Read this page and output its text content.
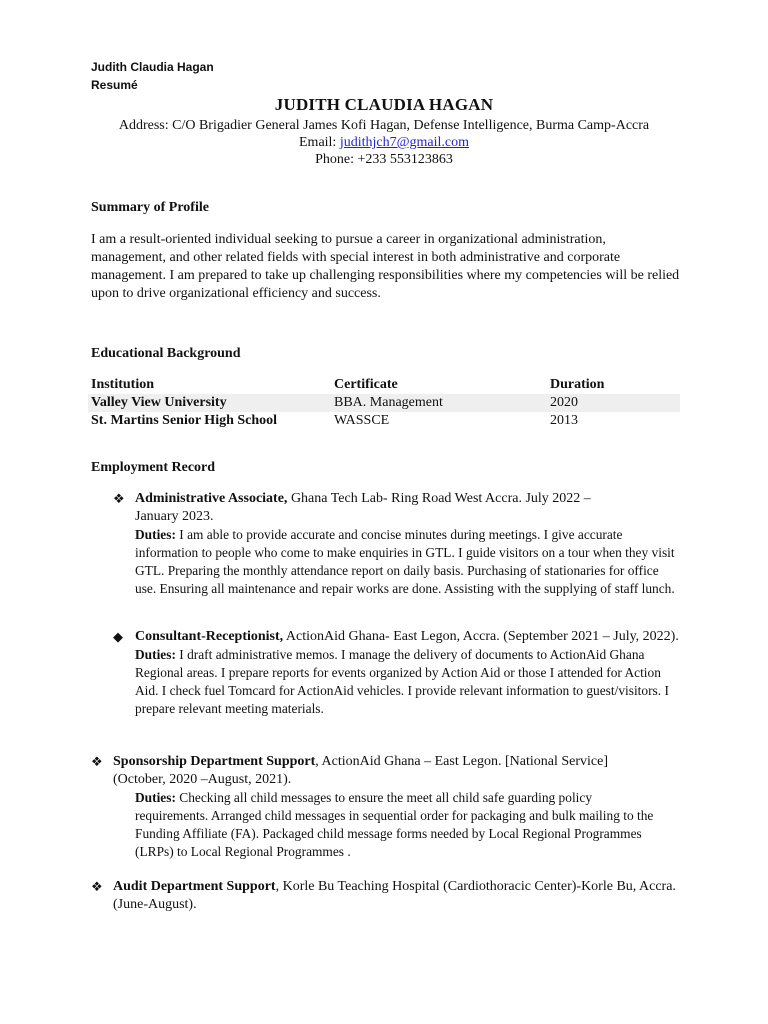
Judith Claudia Hagan
Resumé
JUDITH CLAUDIA HAGAN
Address: C/O Brigadier General James Kofi Hagan, Defense Intelligence, Burma Camp-Accra
Email: judithjch7@gmail.com
Phone: +233 553123863
Summary of Profile
I am a result-oriented individual seeking to pursue a career in organizational administration, management, and other related fields with special interest in both administrative and corporate management. I am prepared to take up challenging responsibilities where my competencies will be relied upon to drive organizational efficiency and success.
Educational Background
Institution	Certificate	Duration
Valley View University	BBA. Management	2020
St. Martins Senior High School	WASSCE	2013
Employment Record
❖ Administrative Associate, Ghana Tech Lab- Ring Road West Accra. July 2022 – January 2023.
Duties: I am able to provide accurate and concise minutes during meetings. I give accurate information to people who come to make enquiries in GTL. I guide visitors on a tour when they visit GTL. Preparing the monthly attendance report on daily basis. Purchasing of stationaries for office use. Ensuring all maintenance and repair works are done. Assisting with the supplying of staff lunch.
◆ Consultant-Receptionist, ActionAid Ghana- East Legon, Accra. (September 2021 – July, 2022).
Duties: I draft administrative memos. I manage the delivery of documents to ActionAid Ghana Regional areas. I prepare reports for events organized by Action Aid or those I attended for Action Aid. I check fuel Tomcard for ActionAid vehicles. I provide relevant information to guest/visitors. I prepare relevant meeting materials.
❖ Sponsorship Department Support, ActionAid Ghana – East Legon. [National Service] (October, 2020 –August, 2021).
Duties: Checking all child messages to ensure the meet all child safe guarding policy requirements. Arranged child messages in sequential order for packaging and bulk mailing to the Funding Affiliate (FA). Packaged child message forms needed by Local Regional Programmes (LRPs) to Local Regional Programmes .
❖ Audit Department Support, Korle Bu Teaching Hospital (Cardiothoracic Center)-Korle Bu, Accra. (June-August).
